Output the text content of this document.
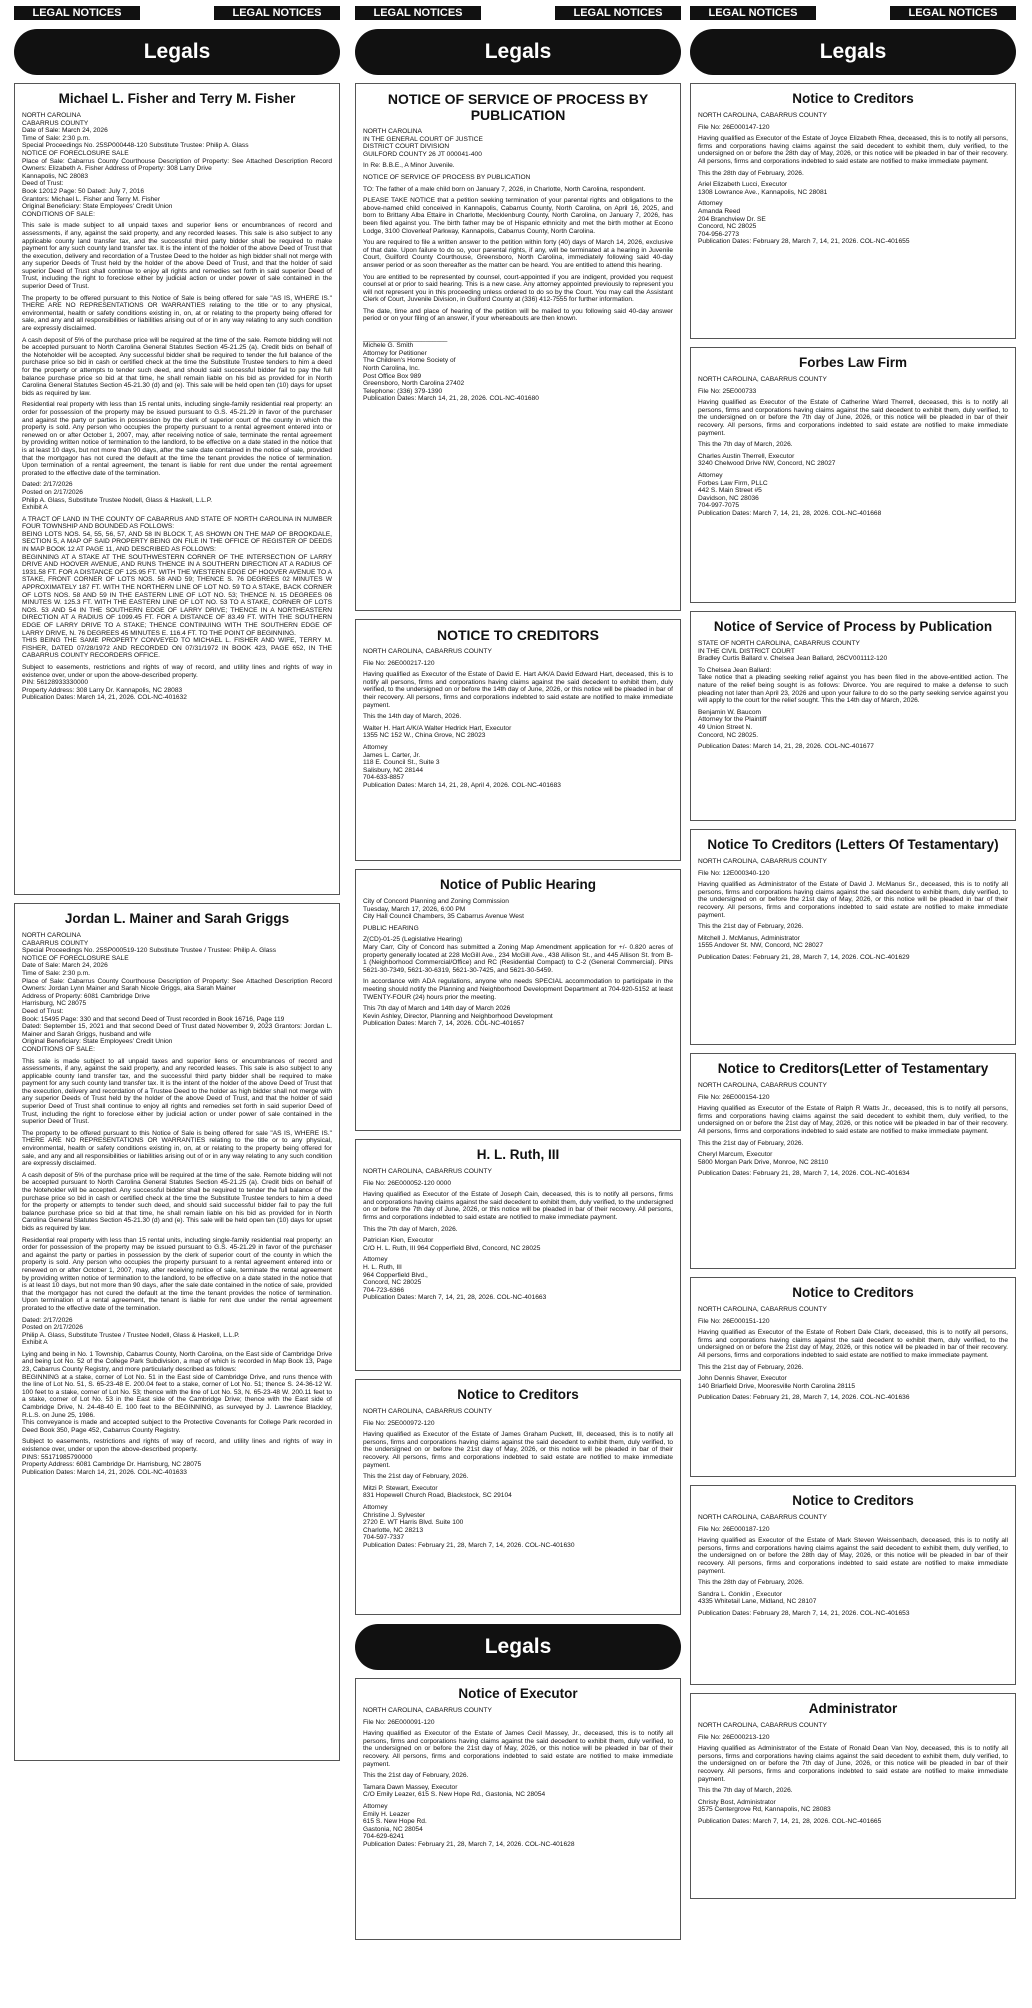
LEGAL NOTICES	LEGAL NOTICES
Legals
Michael L. Fisher and Terry M. Fisher

NORTH CAROLINA
CABARRUS COUNTY
Date of Sale: March 24, 2026
Time of Sale: 2:30 p.m.
Special Proceedings No. 25SP000448-120 Substitute Trustee: Philip A. Glass
NOTICE OF FORECLOSURE SALE
Place of Sale: Cabarrus County Courthouse Description of Property: See Attached Description Record Owners: Elizabeth A. Fisher Address of Property: 308 Larry Drive
Kannapolis, NC 28083
Deed of Trust:
Book 12012 Page: 50 Dated: July 7, 2016
Grantors: Michael L. Fisher and Terry M. Fisher
Original Beneficiary: State Employees' Credit Union
CONDITIONS OF SALE:

This sale is made subject to all unpaid taxes and superior liens or encumbrances of record and assessments, if any, against the said property, and any recorded leases. This sale is also subject to any applicable county land transfer tax, and the successful third party bidder shall be required to make payment for any such county land transfer tax. It is the intent of the holder of the above Deed of Trust that the execution, delivery and recordation of a Trustee Deed to the holder as high bidder shall not merge with any superior Deeds of Trust held by the holder of the above Deed of Trust, and that the holder of said superior Deed of Trust shall continue to enjoy all rights and remedies set forth in said superior Deed of Trust, including the right to foreclose either by judicial action or under power of sale contained in the superior Deed of Trust.

The property to be offered pursuant to this Notice of Sale is being offered for sale "AS IS, WHERE IS." THERE ARE NO REPRESENTATIONS OR WARRANTIES relating to the title or to any physical, environmental, health or safety conditions existing in, on, at or relating to the property being offered for sale, and any and all responsibilities or liabilities arising out of or in any way relating to any such condition are expressly disclaimed.

A cash deposit of 5% of the purchase price will be required at the time of the sale. Remote bidding will not be accepted pursuant to North Carolina General Statutes Section 45-21.25 (a). Credit bids on behalf of the Noteholder will be accepted. Any successful bidder shall be required to tender the full balance of the purchase price so bid in cash or certified check at the time the Substitute Trustee tenders to him a deed for the property or attempts to tender such deed, and should said successful bidder fail to pay the full balance purchase price so bid at that time, he shall remain liable on his bid as provided for in North Carolina General Statutes Section 45-21.30 (d) and (e). This sale will be held open ten (10) days for upset bids as required by law.

Residential real property with less than 15 rental units, including single-family residential real property: an order for possession of the property may be issued pursuant to G.S. 45-21.29 in favor of the purchaser and against the party or parties in possession by the clerk of superior court of the county in which the property is sold. Any person who occupies the property pursuant to a rental agreement entered into or renewed on or after October 1, 2007, may, after receiving notice of sale, terminate the rental agreement by providing written notice of termination to the landlord, to be effective on a date stated in the notice that is at least 10 days, but not more than 90 days, after the sale date contained in the notice of sale, provided that the mortgagor has not cured the default at the time the tenant provides the notice of termination. Upon termination of a rental agreement, the tenant is liable for rent due under the rental agreement prorated to the effective date of the termination.

Dated: 2/17/2026
Posted on 2/17/2026
Philip A. Glass, Substitute Trustee Nodell, Glass & Haskell, L.L.P.
Exhibit A

A TRACT OF LAND IN THE COUNTY OF CABARRUS AND STATE OF NORTH CAROLINA IN NUMBER FOUR TOWNSHIP AND BOUNDED AS FOLLOWS:
BEING LOTS NOS. 54, 55, 56, 57, AND 58 IN BLOCK T, AS SHOWN ON THE MAP OF BROOKDALE, SECTION 5, A MAP OF SAID PROPERTY BEING ON FILE IN THE OFFICE OF REGISTER OF DEEDS IN MAP BOOK 12 AT PAGE 11, AND DESCRIBED AS FOLLOWS:
BEGINNING AT A STAKE AT THE SOUTHWESTERN CORNER OF THE INTERSECTION OF LARRY DRIVE AND HOOVER AVENUE, AND RUNS THENCE IN A SOUTHERN DIRECTION AT A RADIUS OF 1931.58 FT. FOR A DISTANCE OF 125.95 FT. WITH THE WESTERN EDGE OF HOOVER AVENUE TO A STAKE, FRONT CORNER OF LOTS NOS. 58 AND 59; THENCE S. 76 DEGREES 02 MINUTES W APPROXIMATELY 187 FT. WITH THE NORTHERN LINE OF LOT NO. 59 TO A STAKE, BACK CORNER OF LOTS NOS. 58 AND 59 IN THE EASTERN LINE OF LOT NO. 53; THENCE N. 15 DEGREES 06 MINUTES W. 125.3 FT. WITH THE EASTERN LINE OF LOT NO. 53 TO A STAKE, CORNER OF LOTS NOS. 53 AND 54 IN THE SOUTHERN EDGE OF LARRY DRIVE; THENCE IN A NORTHEASTERN DIRECTION AT A RADIUS OF 1099.45 FT. FOR A DISTANCE OF 83.49 FT. WITH THE SOUTHERN EDGE OF LARRY DRIVE TO A STAKE; THENCE CONTINUING WITH THE SOUTHERN EDGE OF LARRY DRIVE, N. 76 DEGREES 45 MINUTES E. 116.4 FT. TO THE POINT OF BEGINNING.
THIS BEING THE SAME PROPERTY CONVEYED TO MICHAEL L. FISHER AND WIFE, TERRY M. FISHER, DATED 07/28/1972 AND RECORDED ON 07/31/1972 IN BOOK 423, PAGE 652, IN THE CABARRUS COUNTY RECORDERS OFFICE.

Subject to easements, restrictions and rights of way of record, and utility lines and rights of way in existence over, under or upon the above-described property.
PIN: 56128933330000
Property Address: 308 Larry Dr. Kannapolis, NC 28083
Publication Dates: March 14, 21, 2026. COL-NC-401632

Jordan L. Mainer and Sarah Griggs

NORTH CAROLINA
CABARRUS COUNTY
Special Proceedings No. 25SP000519-120 Substitute Trustee / Trustee: Philip A. Glass
NOTICE OF FORECLOSURE SALE
Date of Sale: March 24, 2026
Time of Sale: 2:30 p.m.
Place of Sale: Cabarrus County Courthouse Description of Property: See Attached Description Record Owners: Jordan Lynn Mainer and Sarah Nicole Griggs, aka Sarah Mainer
Address of Property: 6081 Cambridge Drive
Harrisburg, NC 28075
Deed of Trust:
Book: 15495 Page: 330 and that second Deed of Trust recorded in Book 16716, Page 119
Dated: September 15, 2021 and that second Deed of Trust dated November 9, 2023 Grantors: Jordan L. Mainer and Sarah Griggs, husband and wife
Original Beneficiary: State Employees' Credit Union
CONDITIONS OF SALE:

This sale is made subject to all unpaid taxes and superior liens or encumbrances of record and assessments, if any, against the said property, and any recorded leases. This sale is also subject to any applicable county land transfer tax, and the successful third party bidder shall be required to make payment for any such county land transfer tax. It is the intent of the holder of the above Deed of Trust that the execution, delivery and recordation of a Trustee Deed to the holder as high bidder shall not merge with any superior Deeds of Trust held by the holder of the above Deed of Trust, and that the holder of said superior Deed of Trust shall continue to enjoy all rights and remedies set forth in said superior Deed of Trust, including the right to foreclose either by judicial action or under power of sale contained in the superior Deed of Trust.

The property to be offered pursuant to this Notice of Sale is being offered for sale "AS IS, WHERE IS." THERE ARE NO REPRESENTATIONS OR WARRANTIES relating to the title or to any physical, environmental, health or safety conditions existing in, on, at or relating to the property being offered for sale, and any and all responsibilities or liabilities arising out of or in any way relating to any such condition are expressly disclaimed.

A cash deposit of 5% of the purchase price will be required at the time of the sale. Remote bidding will not be accepted pursuant to North Carolina General Statutes Section 45-21.25 (a). Credit bids on behalf of the Noteholder will be accepted. Any successful bidder shall be required to tender the full balance of the purchase price so bid in cash or certified check at the time the Substitute Trustee tenders to him a deed for the property or attempts to tender such deed, and should said successful bidder fail to pay the full balance purchase price so bid at that time, he shall remain liable on his bid as provided for in North Carolina General Statutes Section 45-21.30 (d) and (e). This sale will be held open ten (10) days for upset bids as required by law.

Residential real property with less than 15 rental units, including single-family residential real property: an order for possession of the property may be issued pursuant to G.S. 45-21.29 in favor of the purchaser and against the party or parties in possession by the clerk of superior court of the county in which the property is sold. Any person who occupies the property pursuant to a rental agreement entered into or renewed on or after October 1, 2007, may, after receiving notice of sale, terminate the rental agreement by providing written notice of termination to the landlord, to be effective on a date stated in the notice that is at least 10 days, but not more than 90 days, after the sale date contained in the notice of sale, provided that the mortgagor has not cured the default at the time the tenant provides the notice of termination. Upon termination of a rental agreement, the tenant is liable for rent due under the rental agreement prorated to the effective date of the termination.

Dated: 2/17/2026
Posted on 2/17/2026
Philip A. Glass, Substitute Trustee / Trustee Nodell, Glass & Haskell, L.L.P.
Exhibit A

Lying and being in No. 1 Township, Cabarrus County, North Carolina, on the East side of Cambridge Drive and being Lot No. 52 of the College Park Subdivision, a map of which is recorded in Map Book 13, Page 23, Cabarrus County Registry, and more particularly described as follows:
BEGINNING at a stake, corner of Lot No. 51 in the East side of Cambridge Drive, and runs thence with the line of Lot No. 51, S. 65-23-48 E. 200.04 feet to a stake, corner of Lot No. 51; thence S. 24-36-12 W. 100 feet to a stake, corner of Lot No. 53; thence with the line of Lot No. 53, N. 65-23-48 W. 200.11 feet to a stake, corner of Lot No. 53 in the East side of the Cambridge Drive; thence with the East side of Cambridge Drive, N. 24-48-40 E. 100 feet to the BEGINNING, as surveyed by J. Lawrence Blackley, R.L.S. on June 25, 1986.
This conveyance is made and accepted subject to the Protective Covenants for College Park recorded in Deed Book 350, Page 452, Cabarrus County Registry.

Subject to easements, restrictions and rights of way of record, and utility lines and rights of way in existence over, under or upon the above-described property.
PINS: 55171985790000
Property Address: 6081 Cambridge Dr. Harrisburg, NC 28075
Publication Dates: March 14, 21, 2026. COL-NC-401633

LEGAL NOTICES	LEGAL NOTICES
Legals
NOTICE OF SERVICE OF PROCESS BY PUBLICATION

NORTH CAROLINA
IN THE GENERAL COURT OF JUSTICE
DISTRICT COURT DIVISION
GUILFORD COUNTY 26 JT 000041-400

In Re: B.B.E., A Minor Juvenile.

NOTICE OF SERVICE OF PROCESS BY PUBLICATION

TO: The father of a male child born on January 7, 2026, in Charlotte, North Carolina, respondent.

PLEASE TAKE NOTICE that a petition seeking termination of your parental rights and obligations to the above-named child conceived in Kannapolis, Cabarrus County, North Carolina, on April 16, 2025, and born to Brittany Alba Ettaire in Charlotte, Mecklenburg County, North Carolina, on January 7, 2026, has been filed against you. The birth father may be of Hispanic ethnicity and met the birth mother at Econo Lodge, 3100 Cloverleaf Parkway, Kannapolis, Cabarrus County, North Carolina.

You are required to file a written answer to the petition within forty (40) days of March 14, 2026, exclusive of that date. Upon failure to do so, your parental rights, if any, will be terminated at a hearing in Juvenile Court, Guilford County Courthouse, Greensboro, North Carolina, immediately following said 40-day answer period or as soon thereafter as the matter can be heard. You are entitled to attend this hearing.

You are entitled to be represented by counsel, court-appointed if you are indigent, provided you request counsel at or prior to said hearing. This is a new case. Any attorney appointed previously to represent you will not represent you in this proceeding unless ordered to do so by the Court. You may call the Assistant Clerk of Court, Juvenile Division, in Guilford County at (336) 412-7555 for further information.

The date, time and place of hearing of the petition will be mailed to you following said 40-day answer period or on your filing of an answer, if your whereabouts are then known.

_______________________
Michele G. Smith
Attorney for Petitioner
The Children's Home Society of
North Carolina, Inc.
Post Office Box 989
Greensboro, North Carolina 27402
Telephone: (336) 379-1390
Publication Dates: March 14, 21, 28, 2026. COL-NC-401680

NOTICE TO CREDITORS

NORTH CAROLINA, CABARRUS COUNTY

File No: 26E000217-120

Having qualified as Executor of the Estate of David E. Hart A/K/A David Edward Hart, deceased, this is to notify all persons, firms and corporations having claims against the said decedent to exhibit them, duly verified, to the undersigned on or before the 14th day of June, 2026, or this notice will be pleaded in bar of their recovery. All persons, firms and corporations indebted to said estate are notified to make immediate payment.

This the 14th day of March, 2026.

Walter H. Hart A/K/A Walter Hedrick Hart, Executor
1355 NC 152 W., China Grove, NC 28023

Attorney
James L. Carter, Jr.
118 E. Council St., Suite 3
Salisbury, NC 28144
704-633-8857
Publication Dates: March 14, 21, 28, April 4, 2026. COL-NC-401683

Notice of Public Hearing

City of Concord Planning and Zoning Commission
Tuesday, March 17, 2026, 6:00 PM
City Hall Council Chambers, 35 Cabarrus Avenue West

PUBLIC HEARING

Z(CD)-01-25 (Legislative Hearing)
Mary Carr, City of Concord has submitted a Zoning Map Amendment application for +/- 0.820 acres of property generally located at 228 McGill Ave., 234 McGill Ave., 438 Allison St., and 445 Allison St. from B-1 (Neighborhood Commercial/Office) and RC (Residential Compact) to C-2 (General Commercial). PINs 5621-30-7349, 5621-30-6319, 5621-30-7425, and 5621-30-5459.

In accordance with ADA regulations, anyone who needs SPECIAL accommodation to participate in the meeting should notify the Planning and Neighborhood Development Department at 704-920-5152 at least TWENTY-FOUR (24) hours prior the meeting.

This 7th day of March and 14th day of March 2026
Kevin Ashley, Director, Planning and Neighborhood Development
Publication Dates: March 7, 14, 2026. COL-NC-401657

H. L. Ruth, III

NORTH CAROLINA, CABARRUS COUNTY

File No: 26E000052-120 0000

Having qualified as Executor of the Estate of Joseph Cain, deceased, this is to notify all persons, firms and corporations having claims against the said decedent to exhibit them, duly verified, to the undersigned on or before the 7th day of June, 2026, or this notice will be pleaded in bar of their recovery. All persons, firms and corporations indebted to said estate are notified to make immediate payment.

This the 7th day of March, 2026.

Patrician Kien, Executor
C/O H. L. Ruth, III 964 Copperfield Blvd, Concord, NC 28025

Attorney
H. L. Ruth, III
964 Copperfield Blvd.,
Concord, NC 28025
704-723-6366
Publication Dates: March 7, 14, 21, 28, 2026. COL-NC-401663

Notice to Creditors

NORTH CAROLINA, CABARRUS COUNTY

File No: 25E000972-120

Having qualified as Executor of the Estate of James Graham Puckett, III, deceased, this is to notify all persons, firms and corporations having claims against the said decedent to exhibit them, duly verified, to the undersigned on or before the 21st day of May, 2026, or this notice will be pleaded in bar of their recovery. All persons, firms and corporations indebted to said estate are notified to make immediate payment.

This the 21st day of February, 2026.

Mitzi P. Stewart, Executor
831 Hopewell Church Road, Blackstock, SC 29104

Attorney
Christine J. Sylvester
2720 E. WT Harris Blvd. Suite 100
Charlotte, NC 28213
704-597-7337
Publication Dates: February 21, 28, March 7, 14, 2026. COL-NC-401630

Legals
Notice of Executor

NORTH CAROLINA, CABARRUS COUNTY

File No: 26E000091-120

Having qualified as Executor of the Estate of James Cecil Massey, Jr., deceased, this is to notify all persons, firms and corporations having claims against the said decedent to exhibit them, duly verified, to the undersigned on or before the 21st day of May, 2026, or this notice will be pleaded in bar of their recovery. All persons, firms and corporations indebted to said estate are notified to make immediate payment.

This the 21st day of February, 2026.

Tamara Dawn Massey, Executor
C/O Emily Leazer, 615 S. New Hope Rd., Gastonia, NC 28054

Attorney
Emily H. Leazer
615 S. New Hope Rd.
Gastonia, NC 28054
704-629-6241
Publication Dates: February 21, 28, March 7, 14, 2026. COL-NC-401628

LEGAL NOTICES	LEGAL NOTICES
Legals
Notice to Creditors

NORTH CAROLINA, CABARRUS COUNTY

File No: 26E000147-120

Having qualified as Executor of the Estate of Joyce Elizabeth Rhea, deceased, this is to notify all persons, firms and corporations having claims against the said decedent to exhibit them, duly verified, to the undersigned on or before the 28th day of May, 2026, or this notice will be pleaded in bar of their recovery. All persons, firms and corporations indebted to said estate are notified to make immediate payment.

This the 28th day of February, 2026.

Ariel Elizabeth Lucci, Executor
1308 Lowrance Ave., Kannapolis, NC 28081

Attorney
Amanda Reed
204 Branchview Dr. SE
Concord, NC 28025
704-956-2773
Publication Dates: February 28, March 7, 14, 21, 2026. COL-NC-401655

Forbes Law Firm

NORTH CAROLINA, CABARRUS COUNTY

File No: 25E000733

Having qualified as Executor of the Estate of Catherine Ward Therrell, deceased, this is to notify all persons, firms and corporations having claims against the said decedent to exhibit them, duly verified, to the undersigned on or before the 7th day of June, 2026, or this notice will be pleaded in bar of their recovery. All persons, firms and corporations indebted to said estate are notified to make immediate payment.

This the 7th day of March, 2026.

Charles Austin Therrell, Executor
3240 Chelwood Drive NW, Concord, NC 28027

Attorney
Forbes Law Firm, PLLC
442 S. Main Street #5
Davidson, NC 28036
704-997-7075
Publication Dates: March 7, 14, 21, 28, 2026. COL-NC-401668

Notice of Service of Process by Publication

STATE OF NORTH CAROLINA, CABARRUS COUNTY
IN THE CIVIL DISTRICT COURT
Bradley Curtis Ballard v. Chelsea Jean Ballard, 26CV001112-120

To Chelsea Jean Ballard:
Take notice that a pleading seeking relief against you has been filed in the above-entitled action. The nature of the relief being sought is as follows: Divorce. You are required to make a defense to such pleading not later than April 23, 2026 and upon your failure to do so the party seeking service against you will apply to the court for the relief sought. This the 14th day of March, 2026.

Benjamin W. Baucom
Attorney for the Plaintiff
49 Union Street N.
Concord, NC 28025.

Publication Dates: March 14, 21, 28, 2026. COL-NC-401677

Notice To Creditors (Letters Of Testamentary)

NORTH CAROLINA, CABARRUS COUNTY

File No: 12E000340-120

Having qualified as Administrator of the Estate of David J. McManus Sr., deceased, this is to notify all persons, firms and corporations having claims against the said decedent to exhibit them, duly verified, to the undersigned on or before the 21st day of May, 2026, or this notice will be pleaded in bar of their recovery. All persons, firms and corporations indebted to said estate are notified to make immediate payment.

This the 21st day of February, 2026.

Mitchell J. McManus, Administrator
1555 Andover St. NW, Concord, NC 28027

Publication Dates: February 21, 28, March 7, 14, 2026. COL-NC-401629

Notice to Creditors(Letter of Testamentary

NORTH CAROLINA, CABARRUS COUNTY

File No: 26E000154-120

Having qualified as Executor of the Estate of Ralph R Watts Jr., deceased, this is to notify all persons, firms and corporations having claims against the said decedent to exhibit them, duly verified, to the undersigned on or before the 21st day of May, 2026, or this notice will be pleaded in bar of their recovery. All persons, firms and corporations indebted to said estate are notified to make immediate payment.

This the 21st day of February, 2026.

Cheryl Marcum, Executor
5800 Morgan Park Drive, Monroe, NC 28110

Publication Dates: February 21, 28, March 7, 14, 2026. COL-NC-401634

Notice to Creditors

NORTH CAROLINA, CABARRUS COUNTY

File No: 26E000151-120

Having qualified as Executor of the Estate of Robert Dale Clark, deceased, this is to notify all persons, firms and corporations having claims against the said decedent to exhibit them, duly verified, to the undersigned on or before the 21st day of May, 2026, or this notice will be pleaded in bar of their recovery. All persons, firms and corporations indebted to said estate are notified to make immediate payment.

This the 21st day of February, 2026.

John Dennis Shaver, Executor
140 Briarfield Drive, Mooresville North Carolina 28115

Publication Dates: February 21, 28, March 7, 14, 2026. COL-NC-401636

Notice to Creditors

NORTH CAROLINA, CABARRUS COUNTY

File No: 26E000187-120

Having qualified as Executor of the Estate of Mark Steven Weissenbach, deceased, this is to notify all persons, firms and corporations having claims against the said decedent to exhibit them, duly verified, to the undersigned on or before the 28th day of May, 2026, or this notice will be pleaded in bar of their recovery. All persons, firms and corporations indebted to said estate are notified to make immediate payment.

This the 28th day of February, 2026.

Sandra L. Conklin , Executor
4335 Whitetail Lane, Midland, NC 28107

Publication Dates: February 28, March 7, 14, 21, 2026. COL-NC-401653

Administrator

NORTH CAROLINA, CABARRUS COUNTY

File No: 26E000213-120

Having qualified as Administrator of the Estate of Ronald Dean Van Noy, deceased, this is to notify all persons, firms and corporations having claims against the said decedent to exhibit them, duly verified, to the undersigned on or before the 7th day of June, 2026, or this notice will be pleaded in bar of their recovery. All persons, firms and corporations indebted to said estate are notified to make immediate payment.

This the 7th day of March, 2026.

Christy Bost, Administrator
3575 Centergrove Rd, Kannapolis, NC 28083

Publication Dates: March 7, 14, 21, 28, 2026. COL-NC-401665
